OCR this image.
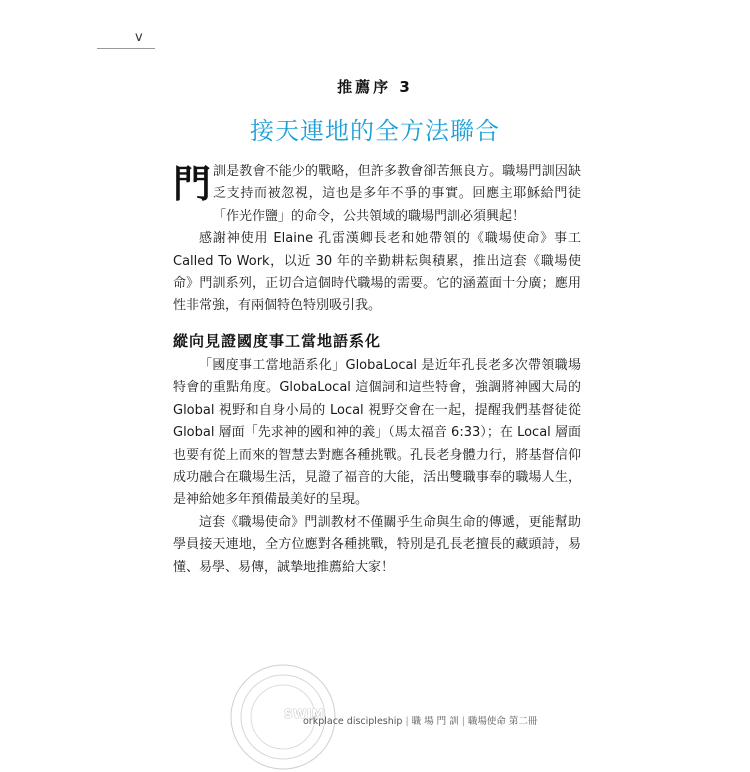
v
推薦序 3
接天連地的全方法聯合

門訓是教會不能少的戰略，但許多教會卻苦無良方。職場門訓因缺乏支持而被忽視，這也是多年不爭的事實。回應主耶穌給門徒「作光作鹽」的命令，公共領域的職場門訓必須興起！

感謝神使用 Elaine 孔雷漢卿長老和她帶領的《職場使命》事工 Called To Work，以近 30 年的辛勤耕耘與積累，推出這套《職場使命》門訓系列，正切合這個時代職場的需要。它的涵蓋面十分廣；應用性非常強，有兩個特色特別吸引我。

縱向見證國度事工當地語系化

「國度事工當地語系化」GlobaLocal 是近年孔長老多次帶領職場特會的重點角度。GlobaLocal 這個詞和這些特會，強調將神國大局的 Global 視野和自身小局的 Local 視野交會在一起，提醒我們基督徒從 Global 層面「先求神的國和神的義」（馬太福音 6:33）；在 Local 層面也要有從上而來的智慧去對應各種挑戰。孔長老身體力行，將基督信仰成功融合在職場生活，見證了福音的大能，活出雙職事奉的職場人生，是神給她多年預備最美好的呈現。

這套《職場使命》門訓教材不僅關乎生命與生命的傳遞，更能幫助學員接天連地，全方位應對各種挑戰，特別是孔長老擅長的藏頭詩，易懂、易學、易傳，誠摯地推薦給大家！

SWIM
orkplace discipleship | 職 場 門 訓 | 職場使命 第二冊
